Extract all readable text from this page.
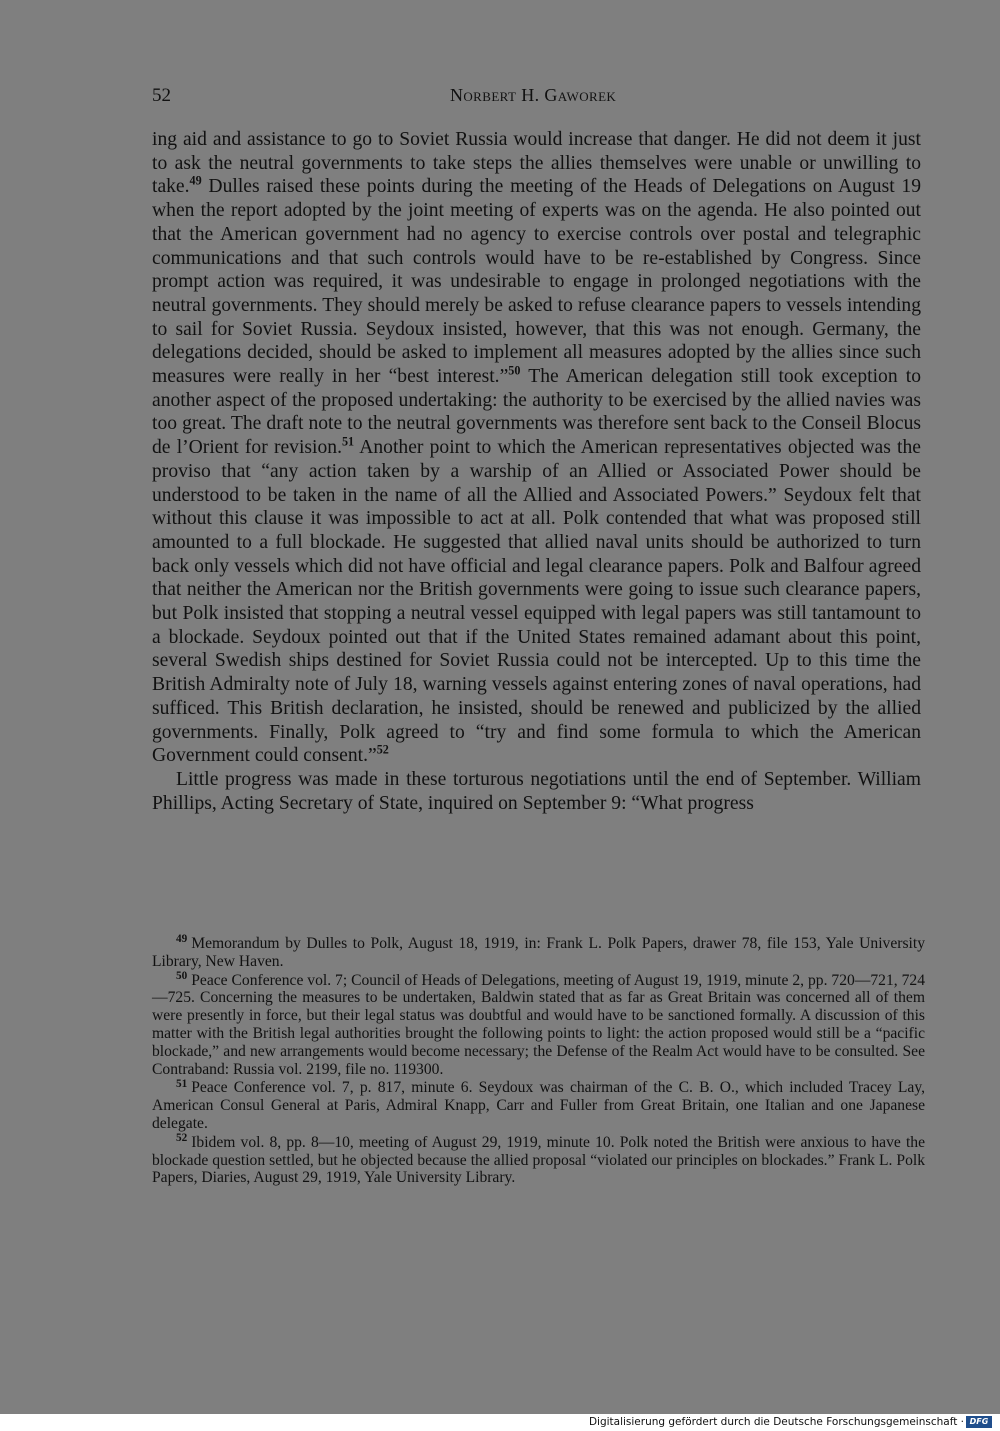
52	Norbert H. Gaworek

ing aid and assistance to go to Soviet Russia would increase that danger. He did not deem it just to ask the neutral governments to take steps the allies themselves were unable or unwilling to take.$^{49}$ Dulles raised these points during the meeting of the Heads of Delegations on August 19 when the report adopted by the joint meeting of experts was on the agenda. He also pointed out that the American government had no agency to exercise controls over postal and telegraphic communications and that such controls would have to be re-established by Congress. Since prompt action was required, it was undesirable to engage in prolonged negotiations with the neutral governments. They should merely be asked to refuse clearance papers to vessels intending to sail for Soviet Russia. Seydoux insisted, however, that this was not enough. Germany, the delegations decided, should be asked to implement all measures adopted by the allies since such measures were really in her “best interest.”$^{50}$ The American delegation still took exception to another aspect of the proposed undertaking: the authority to be exercised by the allied navies was too great. The draft note to the neutral governments was therefore sent back to the Conseil Blocus de l’Orient for revision.$^{51}$ Another point to which the American representatives objected was the proviso that “any action taken by a warship of an Allied or Associated Power should be understood to be taken in the name of all the Allied and Associated Powers.” Seydoux felt that without this clause it was impossible to act at all. Polk contended that what was proposed still amounted to a full blockade. He suggested that allied naval units should be authorized to turn back only vessels which did not have official and legal clearance papers. Polk and Balfour agreed that neither the American nor the British governments were going to issue such clearance papers, but Polk insisted that stopping a neutral vessel equipped with legal papers was still tantamount to a blockade. Seydoux pointed out that if the United States remained adamant about this point, several Swedish ships destined for Soviet Russia could not be intercepted. Up to this time the British Admiralty note of July 18, warning vessels against entering zones of naval operations, had sufficed. This British declaration, he insisted, should be renewed and publicized by the allied governments. Finally, Polk agreed to “try and find some formula to which the American Government could consent.”$^{52}$

Little progress was made in these torturous negotiations until the end of September. William Phillips, Acting Secretary of State, inquired on September 9: “What progress

$^{49}$ Memorandum by Dulles to Polk, August 18, 1919, in: Frank L. Polk Papers, drawer 78, file 153, Yale University Library, New Haven.

$^{50}$ Peace Conference vol. 7; Council of Heads of Delegations, meeting of August 19, 1919, minute 2, pp. 720—721, 724—725. Concerning the measures to be undertaken, Baldwin stated that as far as Great Britain was concerned all of them were presently in force, but their legal status was doubtful and would have to be sanctioned formally. A discussion of this matter with the British legal authorities brought the following points to light: the action proposed would still be a “pacific blockade,” and new arrangements would become necessary; the Defense of the Realm Act would have to be consulted. See Contraband: Russia vol. 2199, file no. 119300.

$^{51}$ Peace Conference vol. 7, p. 817, minute 6. Seydoux was chairman of the C. B. O., which included Tracey Lay, American Consul General at Paris, Admiral Knapp, Carr and Fuller from Great Britain, one Italian and one Japanese delegate.

$^{52}$ Ibidem vol. 8, pp. 8—10, meeting of August 29, 1919, minute 10. Polk noted the British were anxious to have the blockade question settled, but he objected because the allied proposal “violated our principles on blockades.” Frank L. Polk Papers, Diaries, August 29, 1919, Yale University Library.

Digitalisierung gefördert durch die Deutsche Forschungsgemeinschaft · DFG
